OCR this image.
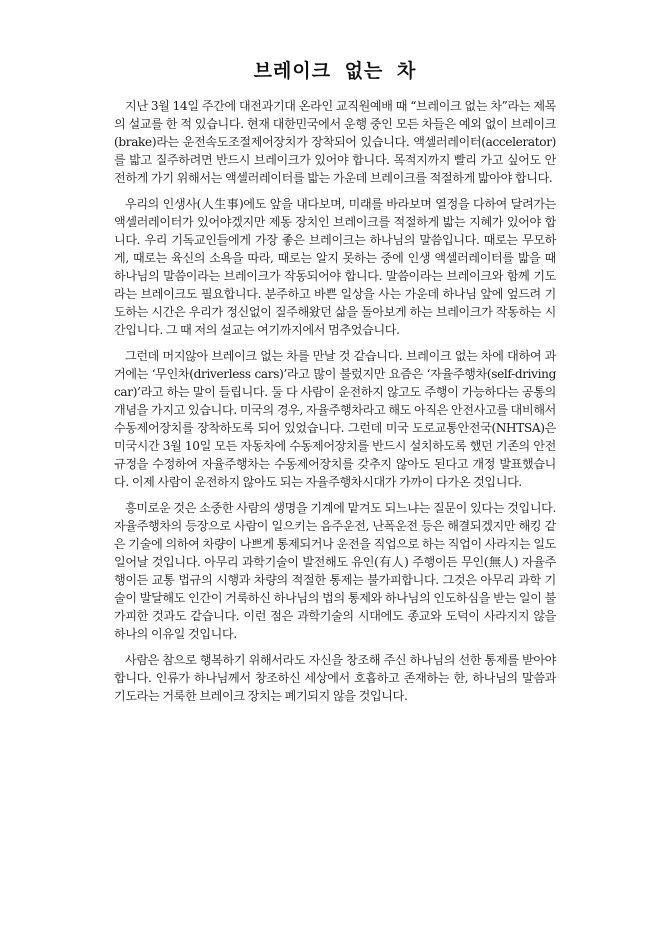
브레이크 없는 차

지난 3월 14일 주간에 대전과기대 온라인 교직원예배 때 “브레이크 없는 차”라는 제목의 설교를 한 적 있습니다. 현재 대한민국에서 운행 중인 모든 차들은 예외 없이 브레이크(brake)라는 운전속도조절제어장치가 장착되어 있습니다. 액셀러레이터(accelerator)를 밟고 질주하려면 반드시 브레이크가 있어야 합니다. 목적지까지 빨리 가고 싶어도 안전하게 가기 위해서는 액셀러레이터를 밟는 가운데 브레이크를 적절하게 밟아야 합니다.

우리의 인생사(人生事)에도 앞을 내다보며, 미래를 바라보며 열정을 다하여 달려가는 액셀러레이터가 있어야겠지만 제동 장치인 브레이크를 적절하게 밟는 지혜가 있어야 합니다. 우리 기독교인들에게 가장 좋은 브레이크는 하나님의 말씀입니다. 때로는 무모하게, 때로는 육신의 소욕을 따라, 때로는 알지 못하는 중에 인생 액셀러레이터를 밟을 때 하나님의 말씀이라는 브레이크가 작동되어야 합니다. 말씀이라는 브레이크와 함께 기도라는 브레이크도 필요합니다. 분주하고 바쁜 일상을 사는 가운데 하나님 앞에 엎드려 기도하는 시간은 우리가 정신없이 질주해왔던 삶을 돌아보게 하는 브레이크가 작동하는 시간입니다. 그 때 저의 설교는 여기까지에서 멈추었습니다.

그런데 머지않아 브레이크 없는 차를 만날 것 같습니다. 브레이크 없는 차에 대하여 과거에는 ‘무인차(driverless cars)’라고 많이 불렀지만 요즘은 ‘자율주행차(self-driving car)’라고 하는 말이 들립니다. 둘 다 사람이 운전하지 않고도 주행이 가능하다는 공통의 개념을 가지고 있습니다. 미국의 경우, 자율주행차라고 해도 아직은 안전사고를 대비해서 수동제어장치를 장착하도록 되어 있었습니다. 그런데 미국 도로교통안전국(NHTSA)은 미국시간 3월 10일 모든 자동차에 수동제어장치를 반드시 설치하도록 했던 기존의 안전 규정을 수정하여 자율주행차는 수동제어장치를 갖추지 않아도 된다고 개정 발표했습니다. 이제 사람이 운전하지 않아도 되는 자율주행차시대가 가까이 다가온 것입니다.

흥미로운 것은 소중한 사람의 생명을 기계에 맡겨도 되느냐는 질문이 있다는 것입니다. 자율주행차의 등장으로 사람이 일으키는 음주운전, 난폭운전 등은 해결되겠지만 해킹 같은 기술에 의하여 차량이 나쁘게 통제되거나 운전을 직업으로 하는 직업이 사라지는 일도 일어날 것입니다. 아무리 과학기술이 발전해도 유인(有人) 주행이든 무인(無人) 자율주행이든 교통 법규의 시행과 차량의 적절한 통제는 불가피합니다. 그것은 아무리 과학 기술이 발달해도 인간이 거룩하신 하나님의 법의 통제와 하나님의 인도하심을 받는 일이 불가피한 것과도 같습니다. 이런 점은 과학기술의 시대에도 종교와 도덕이 사라지지 않을 하나의 이유일 것입니다.

사람은 참으로 행복하기 위해서라도 자신을 창조해 주신 하나님의 선한 통제를 받아야 합니다. 인류가 하나님께서 창조하신 세상에서 호흡하고 존재하는 한, 하나님의 말씀과 기도라는 거룩한 브레이크 장치는 폐기되지 않을 것입니다.
